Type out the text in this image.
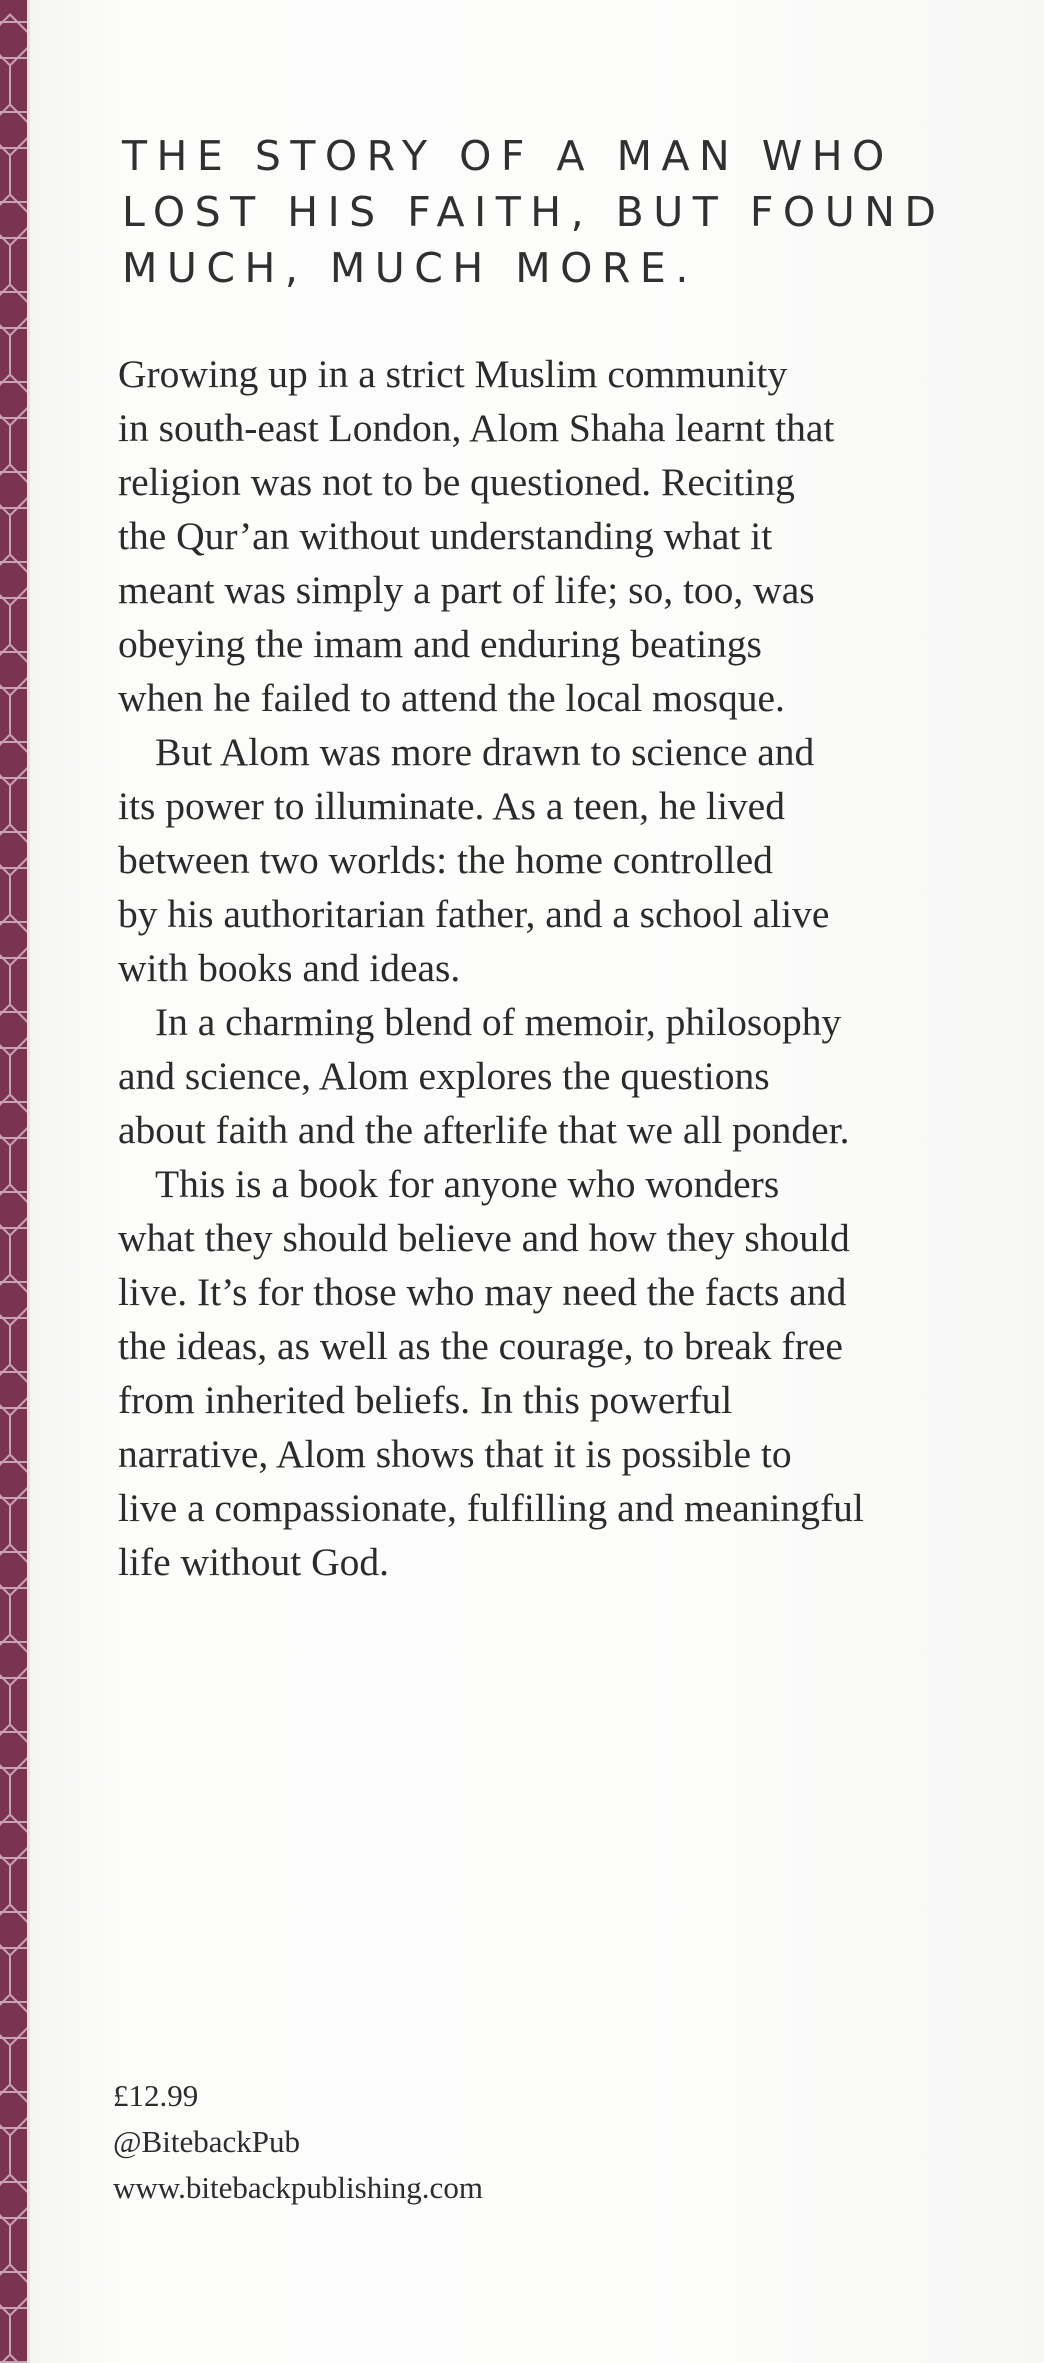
THE STORY OF A MAN WHO
LOST HIS FAITH, BUT FOUND
MUCH, MUCH MORE.
Growing up in a strict Muslim community
in south-east London, Alom Shaha learnt that
religion was not to be questioned. Reciting
the Qur’an without understanding what it
meant was simply a part of life; so, too, was
obeying the imam and enduring beatings
when he failed to attend the local mosque.
But Alom was more drawn to science and
its power to illuminate. As a teen, he lived
between two worlds: the home controlled
by his authoritarian father, and a school alive
with books and ideas.
In a charming blend of memoir, philosophy
and science, Alom explores the questions
about faith and the afterlife that we all ponder.
This is a book for anyone who wonders
what they should believe and how they should
live. It’s for those who may need the facts and
the ideas, as well as the courage, to break free
from inherited beliefs. In this powerful
narrative, Alom shows that it is possible to
live a compassionate, fulfilling and meaningful
life without God.
£12.99
@BitebackPub
www.bitebackpublishing.com
